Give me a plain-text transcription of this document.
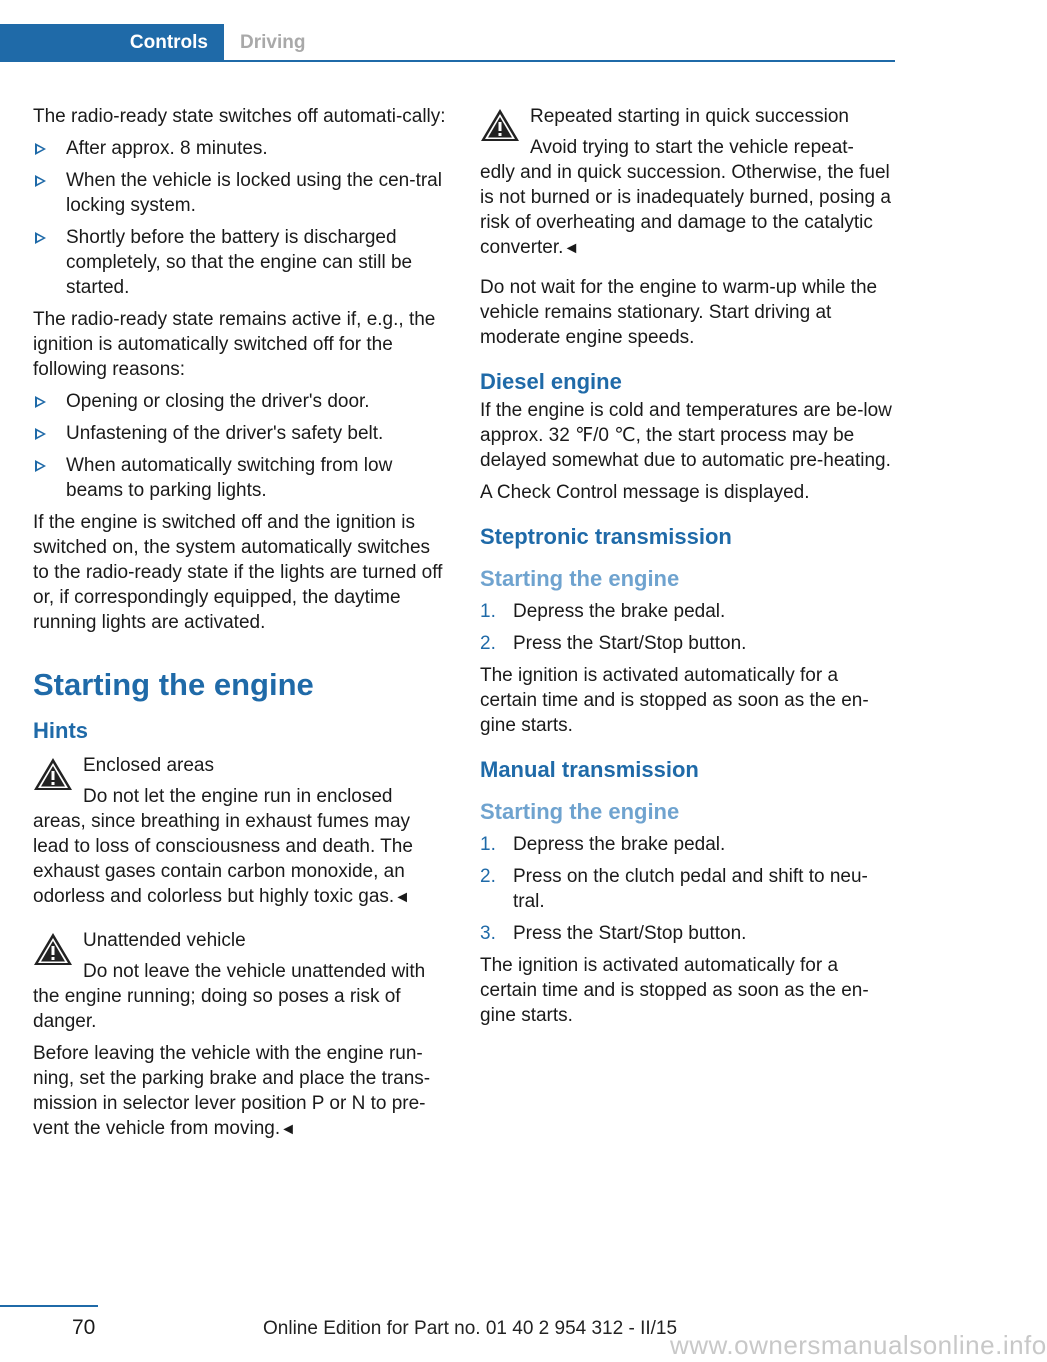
Controls	Driving

The radio-ready state switches off automati-cally:

After approx. 8 minutes.
When the vehicle is locked using the cen-tral locking system.
Shortly before the battery is discharged completely, so that the engine can still be started.

The radio-ready state remains active if, e.g., the ignition is automatically switched off for the following reasons:

Opening or closing the driver's door.
Unfastening of the driver's safety belt.
When automatically switching from low beams to parking lights.

If the engine is switched off and the ignition is switched on, the system automatically switches to the radio-ready state if the lights are turned off or, if correspondingly equipped, the daytime running lights are activated.

Starting the engine
Hints
Enclosed areas
Do not let the engine run in enclosed
areas, since breathing in exhaust fumes may lead to loss of consciousness and death. The exhaust gases contain carbon monoxide, an odorless and colorless but highly toxic gas.◄
Unattended vehicle
Do not leave the vehicle unattended with
the engine running; doing so poses a risk of danger.

Before leaving the vehicle with the engine run-ning, set the parking brake and place the trans-mission in selector lever position P or N to pre-vent the vehicle from moving.◄

Repeated starting in quick succession
Avoid trying to start the vehicle repeat-
edly and in quick succession. Otherwise, the fuel is not burned or is inadequately burned, posing a risk of overheating and damage to the catalytic converter.◄

Do not wait for the engine to warm-up while the vehicle remains stationary. Start driving at moderate engine speeds.

Diesel engine

If the engine is cold and temperatures are be-low approx. 32 ℉/0 ℃, the start process may be delayed somewhat due to automatic pre-heating.

A Check Control message is displayed.

Steptronic transmission
Starting the engine
1. Depress the brake pedal.
2. Press the Start/Stop button.

The ignition is activated automatically for a certain time and is stopped as soon as the en-gine starts.

Manual transmission
Starting the engine
1. Depress the brake pedal.
2. Press on the clutch pedal and shift to neu-tral.
3. Press the Start/Stop button.

The ignition is activated automatically for a certain time and is stopped as soon as the en-gine starts.

70	Online Edition for Part no. 01 40 2 954 312 - II/15
www.ownersmanualsonline.info
